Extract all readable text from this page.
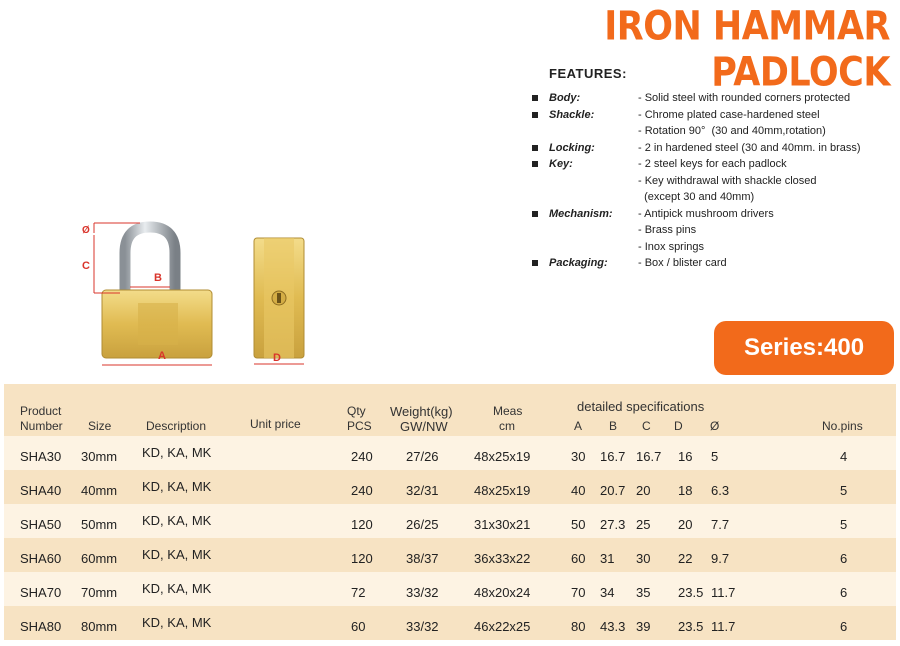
IRON HAMMAR PADLOCK
FEATURES:
Body:	- Solid steel with rounded corners protected
Shackle:	- Chrome plated case-hardened steel
- Rotation 90°  (30 and 40mm,rotation)
Locking:	- 2 in hardened steel (30 and 40mm. in brass)
Key:	- 2 steel keys for each padlock
- Key withdrawal with shackle closed
(except 30 and 40mm)
Mechanism: - Antipick mushroom drivers
- Brass pins
- Inox springs
Packaging:	- Box / blister card
A
B
C
Ø
D	Series:400
Product
Number Size	Description	Unit price
Qty
PCS
Weight(kg)
GW/NW
Meas
cm
detailed specifications
A B C D Ø	No.pins
SHA30 30mm KD, KA, MK	240	27/26	48x25x19	30 16.7 16.7 16 5	4
SHA40 40mm KD, KA, MK	240	32/31	48x25x19	40 20.7 20 18 6.3	5
SHA50 50mm KD, KA, MK	120	26/25	31x30x21	50 27.3 25 20 7.7	5
SHA60 60mm KD, KA, MK	120	38/37	36x33x22	60 31 30 22 9.7	6
SHA70 70mm KD, KA, MK	72	33/32	48x20x24	70 34 35 23.5 11.7	6
SHA80 80mm KD, KA, MK	60	33/32	46x22x25	80 43.3 39 23.5 11.7	6
